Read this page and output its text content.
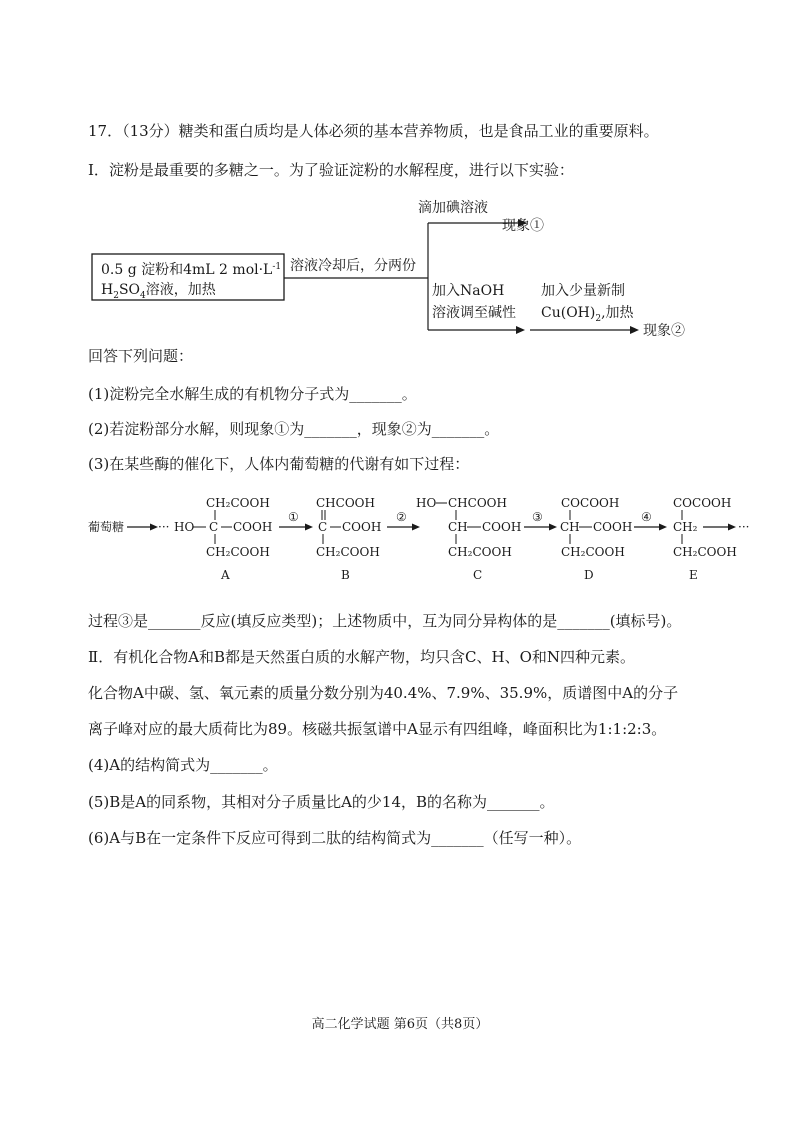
17．（13分）糖类和蛋白质均是人体必须的基本营养物质，也是食品工业的重要原料。
I．淀粉是最重要的多糖之一。为了验证淀粉的水解程度，进行以下实验：
0.5 g 淀粉和4mL 2 $mol\cdot L^{-1}$
$H_2SO_4$溶液，加热
溶液冷却后，分两份
滴加碘溶液
现象①
加入NaOH
溶液调至碱性
加入少量新制
$Cu(OH)_2$,加热
现象②
回答下列问题：
(1)淀粉完全水解生成的有机物分子式为_______。
(2)若淀粉部分水解，则现象①为_______，现象②为_______。
(3)在某些酶的催化下，人体内葡萄糖的代谢有如下过程：
葡萄糖	···
CH₂COOH
HO C COOH
CH₂COOH
A
①
CHCOOH
C COOH
CH₂COOH
B
②
HO CHCOOH
CH COOH
CH₂COOH
C
③
COCOOH
CH COOH
CH₂COOH
D
④
COCOOH
CH₂
CH₂COOH
E
···
过程③是_______反应(填反应类型)；上述物质中，互为同分异构体的是_______(填标号)。
Ⅱ．有机化合物A和B都是天然蛋白质的水解产物，均只含C、H、O和N四种元素。
化合物A中碳、氢、氧元素的质量分数分别为40.4%、7.9%、35.9%，质谱图中A的分子
离子峰对应的最大质荷比为89。核磁共振氢谱中A显示有四组峰，峰面积比为1:1:2:3。
(4)A的结构简式为_______。
(5)B是A的同系物，其相对分子质量比A的少14，B的名称为_______。
(6)A与B在一定条件下反应可得到二肽的结构简式为_______（任写一种）。
高二化学试题 第6页（共8页）
